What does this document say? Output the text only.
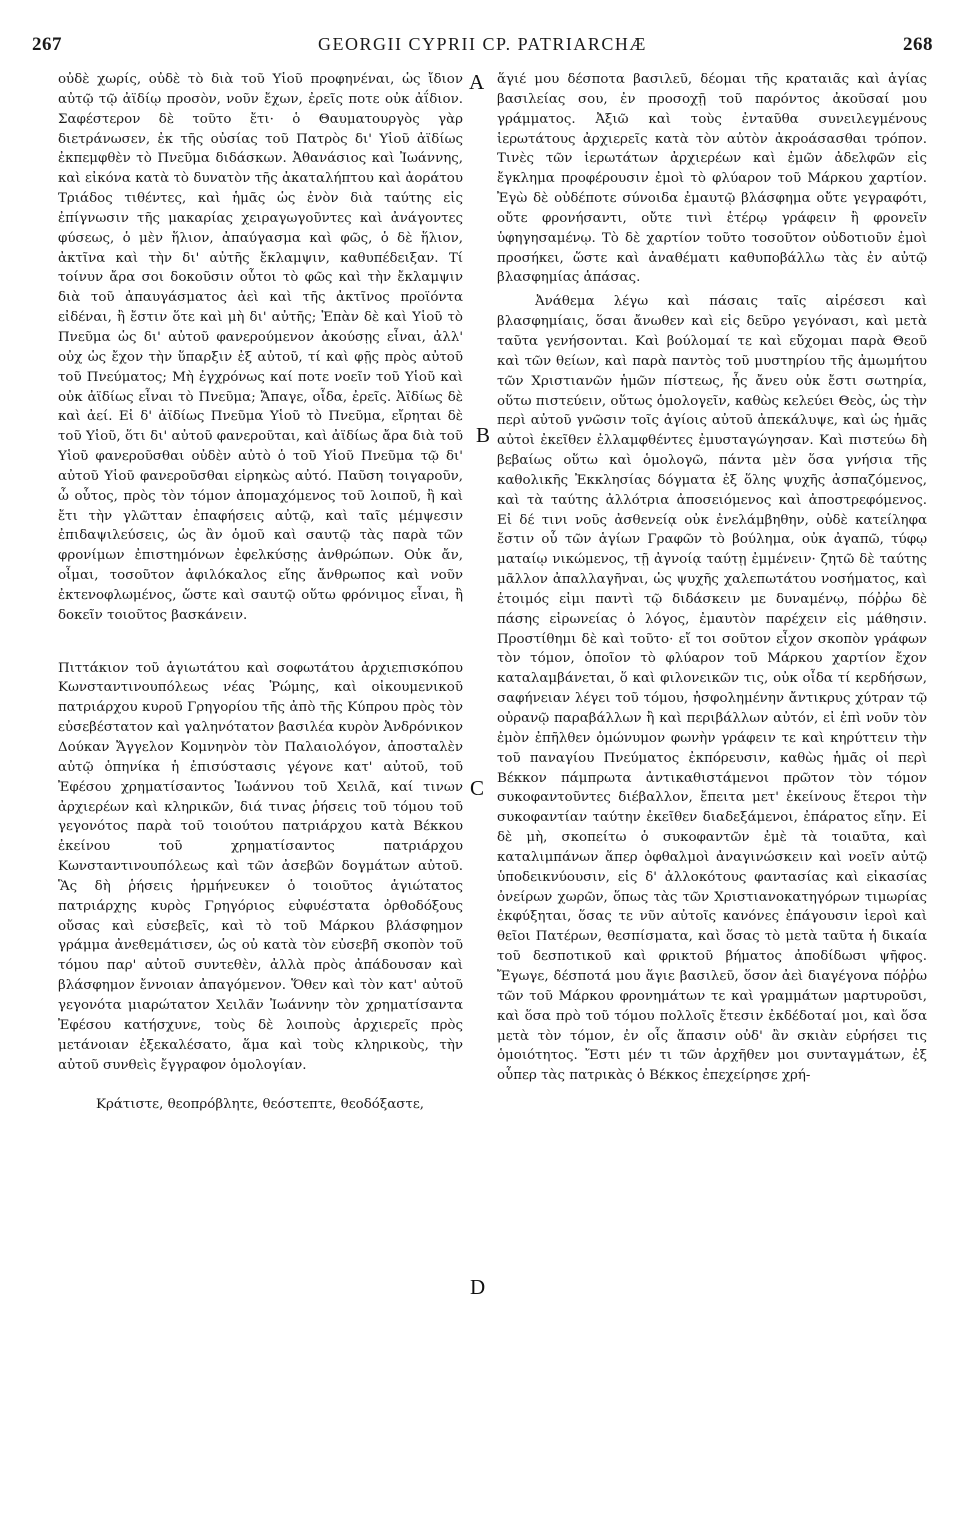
267	GEORGII CYPRII CP. PATRIARCHÆ	268
A
B
C
D

οὐδὲ χωρίς, οὐδὲ τὸ διὰ τοῦ Υἱοῦ προφηνέναι, ὡς ἴδιον αὐτῷ τῷ ἀϊδίῳ προσὸν, νοῦν ἔχων, ἐρεῖς ποτε οὐκ ἀΐδιον. Σαφέστερον δὲ τοῦτο ἔτι· ὁ Θαυματουργὸς γὰρ διετράνωσεν, ἐκ τῆς οὐσίας τοῦ Πατρὸς δι' Υἱοῦ ἀϊδίως ἐκπεμφθὲν τὸ Πνεῦμα διδάσκων. Ἀθανάσιος καὶ Ἰωάννης, καὶ εἰκόνα κατὰ τὸ δυνατὸν τῆς ἀκαταλήπτου καὶ ἀοράτου Τριάδος τιθέντες, καὶ ἡμᾶς ὡς ἐνὸν διὰ ταύτης εἰς ἐπίγνωσιν τῆς μακαρίας χειραγωγοῦντες καὶ ἀνάγοντες φύσεως, ὁ μὲν ἥλιον, ἀπαύγασμα καὶ φῶς, ὁ δὲ ἥλιον, ἀκτῖνα καὶ τὴν δι' αὐτῆς ἔκλαμψιν, καθυπέδειξαν. Τί τοίνυν ἄρα σοι δοκοῦσιν οὗτοι τὸ φῶς καὶ τὴν ἔκλαμψιν διὰ τοῦ ἀπαυγάσματος ἀεὶ καὶ τῆς ἀκτῖνος προϊόντα εἰδέναι, ἢ ἔστιν ὅτε καὶ μὴ δι' αὐτῆς; Ἐπὰν δὲ καὶ Υἱοῦ τὸ Πνεῦμα ὡς δι' αὐτοῦ φανερούμενον ἀκούσῃς εἶναι, ἀλλ' οὐχ ὡς ἔχον τὴν ὕπαρξιν ἐξ αὐτοῦ, τί καὶ φῇς πρὸς αὐτοῦ τοῦ Πνεύματος; Μὴ ἐγχρόνως καί ποτε νοεῖν τοῦ Υἱοῦ καὶ οὐκ ἀϊδίως εἶναι τὸ Πνεῦμα; Ἄπαγε, οἶδα, ἐρεῖς. Ἀϊδίως δὲ καὶ ἀεί. Εἰ δ' ἀϊδίως Πνεῦμα Υἱοῦ τὸ Πνεῦμα, εἴρηται δὲ τοῦ Υἱοῦ, ὅτι δι' αὐτοῦ φανεροῦται, καὶ ἀϊδίως ἄρα διὰ τοῦ Υἱοῦ φανεροῦσθαι οὐδὲν αὐτὸ ὁ τοῦ Υἱοῦ Πνεῦμα τῷ δι' αὐτοῦ Υἱοῦ φανεροῦσθαι εἰρηκὼς αὐτό. Παῦση τοιγαροῦν, ὦ οὗτος, πρὸς τὸν τόμον ἀπομαχόμενος τοῦ λοιποῦ, ἢ καὶ ἔτι τὴν γλῶτταν ἐπαφήσεις αὐτῷ, καὶ ταῖς μέμψεσιν ἐπιδαψιλεύσεις, ὡς ἂν ὁμοῦ καὶ σαυτῷ τὰς παρὰ τῶν φρονίμων ἐπιστημόνων ἐφελκύσῃς ἀνθρώπων. Οὐκ ἄν, οἶμαι, τοσοῦτον ἀφιλόκαλος εἴης ἄνθρωπος καὶ νοῦν ἐκτενοφλωμένος, ὥστε καὶ σαυτῷ οὕτω φρόνιμος εἶναι, ἢ δοκεῖν τοιοῦτος βασκάνειν.

Πιττάκιον τοῦ ἁγιωτάτου καὶ σοφωτάτου ἀρχιεπισκόπου Κωνσταντινουπόλεως νέας Ῥώμης, καὶ οἰκουμενικοῦ πατριάρχου κυροῦ Γρηγορίου τῆς ἀπὸ τῆς Κύπρου πρὸς τὸν εὐσεβέστατον καὶ γαληνότατον βασιλέα κυρὸν Ἀνδρόνικον Δούκαν Ἄγγελον Κομνηνὸν τὸν Παλαιολόγον, ἀποσταλὲν αὐτῷ ὁπηνίκα ἡ ἐπισύστασις γέγονε κατ' αὐτοῦ, τοῦ Ἐφέσου χρηματίσαντος Ἰωάννου τοῦ Χειλᾶ, καί τινων ἀρχιερέων καὶ κληρικῶν, διά τινας ῥήσεις τοῦ τόμου τοῦ γεγονότος παρὰ τοῦ τοιούτου πατριάρχου κατὰ Βέκκου ἐκείνου τοῦ χρηματίσαντος πατριάρχου Κωνσταντινουπόλεως καὶ τῶν ἀσεβῶν δογμάτων αὐτοῦ. Ἃς δὴ ῥήσεις ἡρμήνευκεν ὁ τοιοῦτος ἁγιώτατος πατριάρχης κυρὸς Γρηγόριος εὐφυέστατα ὀρθοδόξους οὔσας καὶ εὐσεβεῖς, καὶ τὸ τοῦ Μάρκου βλάσφημον γράμμα ἀνεθεμάτισεν, ὡς οὐ κατὰ τὸν εὐσεβῆ σκοπὸν τοῦ τόμου παρ' αὐτοῦ συντεθὲν, ἀλλὰ πρὸς ἀπάδουσαν καὶ βλάσφημον ἔννοιαν ἀπαγόμενον. Ὅθεν καὶ τὸν κατ' αὐτοῦ γεγονότα μιαρώτατον Χειλᾶν Ἰωάννην τὸν χρηματίσαντα Ἐφέσου κατήσχυνε, τοὺς δὲ λοιποὺς ἀρχιερεῖς πρὸς μετάνοιαν ἐξεκαλέσατο, ἅμα καὶ τοὺς κληρικοὺς, τὴν αὐτοῦ συνθεὶς ἔγγραφον ὁμολογίαν.

Κράτιστε, θεοπρόβλητε, θεόστεπτε, θεοδόξαστε,

ἅγιέ μου δέσποτα βασιλεῦ, δέομαι τῆς κραταιᾶς καὶ ἁγίας βασιλείας σου, ἐν προσοχῇ τοῦ παρόντος ἀκοῦσαί μου γράμματος. Ἀξιῶ καὶ τοὺς ἐνταῦθα συνειλεγμένους ἱερωτάτους ἀρχιερεῖς κατὰ τὸν αὐτὸν ἀκροάσασθαι τρόπον. Τινὲς τῶν ἱερωτάτων ἀρχιερέων καὶ ἐμῶν ἀδελφῶν εἰς ἔγκλημα προφέρουσιν ἐμοὶ τὸ φλύαρον τοῦ Μάρκου χαρτίον. Ἐγὼ δὲ οὐδέποτε σύνοιδα ἐμαυτῷ βλάσφημα οὔτε γεγραφότι, οὔτε φρονήσαντι, οὔτε τινὶ ἑτέρῳ γράφειν ἢ φρονεῖν ὑφηγησαμένῳ. Τὸ δὲ χαρτίον τοῦτο τοσοῦτον οὐδοτιοῦν ἐμοὶ προσήκει, ὥστε καὶ ἀναθέματι καθυποβάλλω τὰς ἐν αὐτῷ βλασφημίας ἁπάσας.

Ἀνάθεμα λέγω καὶ πάσαις ταῖς αἱρέσεσι καὶ βλασφημίαις, ὅσαι ἄνωθεν καὶ εἰς δεῦρο γεγόνασι, καὶ μετὰ ταῦτα γενήσονται. Καὶ βούλομαί τε καὶ εὔχομαι παρὰ Θεοῦ καὶ τῶν θείων, καὶ παρὰ παντὸς τοῦ μυστηρίου τῆς ἀμωμήτου τῶν Χριστιανῶν ἡμῶν πίστεως, ἧς ἄνευ οὐκ ἔστι σωτηρία, οὕτω πιστεύειν, οὕτως ὁμολογεῖν, καθὼς κελεύει Θεὸς, ὡς τὴν περὶ αὐτοῦ γνῶσιν τοῖς ἁγίοις αὐτοῦ ἀπεκάλυψε, καὶ ὡς ἡμᾶς αὐτοὶ ἐκεῖθεν ἐλλαμφθέντες ἐμυσταγώγησαν. Καὶ πιστεύω δὴ βεβαίως οὕτω καὶ ὁμολογῶ, πάντα μὲν ὅσα γνήσια τῆς καθολικῆς Ἐκκλησίας δόγματα ἐξ ὅλης ψυχῆς ἀσπαζόμενος, καὶ τὰ ταύτης ἀλλότρια ἀποσειόμενος καὶ ἀποστρεφόμενος. Εἰ δέ τινι νοῦς ἀσθενείᾳ οὐκ ἐνελάμβηθην, οὐδὲ κατείληφα ἔστιν οὗ τῶν ἁγίων Γραφῶν τὸ βούλημα, οὐκ ἀγαπῶ, τύφῳ ματαίῳ νικώμενος, τῇ ἀγνοίᾳ ταύτῃ ἐμμένειν· ζητῶ δὲ ταύτης μᾶλλον ἀπαλλαγῆναι, ὡς ψυχῆς χαλεπωτάτου νοσήματος, καὶ ἑτοιμός εἰμι παντὶ τῷ διδάσκειν με δυναμένῳ, πόῤῥω δὲ πάσης εἰρωνείας ὁ λόγος, ἐμαυτὸν παρέχειν εἰς μάθησιν. Προστίθημι δὲ καὶ τοῦτο· εἴ τοι σοῦτον εἶχον σκοπὸν γράφων τὸν τόμον, ὁποῖον τὸ φλύαρον τοῦ Μάρκου χαρτίον ἔχον καταλαμβάνεται, ὅ καὶ φιλονεικῶν τις, οὐκ οἶδα τί κερδήσων, σαφήνειαν λέγει τοῦ τόμου, ἠσφολημένην ἄντικρυς χύτραν τῷ οὐρανῷ παραβάλλων ἢ καὶ περιβάλλων αὐτόν, εἰ ἐπὶ νοῦν τὸν ἐμὸν ἐπῆλθεν ὁμώνυμον φωνὴν γράφειν τε καὶ κηρύττειν τὴν τοῦ παναγίου Πνεύματος ἐκπόρευσιν, καθὼς ἡμᾶς οἱ περὶ Βέκκον πάμπρωτα ἀντικαθιστάμενοι πρῶτον τὸν τόμον συκοφαντοῦντες διέβαλλον, ἔπειτα μετ' ἐκείνους ἕτεροι τὴν συκοφαντίαν ταύτην ἐκεῖθεν διαδεξάμενοι, ἐπάρατος εἴην. Εἰ δὲ μὴ, σκοπείτω ὁ συκοφαντῶν ἐμὲ τὰ τοιαῦτα, καὶ καταλιμπάνων ἅπερ ὀφθαλμοὶ ἀναγινώσκειν καὶ νοεῖν αὐτῷ ὑποδεικνύουσιν, εἰς δ' ἀλλοκότους φαντασίας καὶ εἰκασίας ὀνείρων χωρῶν, ὅπως τὰς τῶν Χριστιανοκατηγόρων τιμωρίας ἐκφύξηται, ὅσας τε νῦν αὐτοῖς κανόνες ἐπάγουσιν ἱεροὶ καὶ θεῖοι Πατέρων, θεσπίσματα, καὶ ὅσας τὸ μετὰ ταῦτα ἡ δικαία τοῦ δεσποτικοῦ καὶ φρικτοῦ βήματος ἀποδίδωσι ψῆφος. Ἔγωγε, δέσποτά μου ἅγιε βασιλεῦ, ὅσον ἀεὶ διαγέγονα πόῤῥω τῶν τοῦ Μάρκου φρονημάτων τε καὶ γραμμάτων μαρτυροῦσι, καὶ ὅσα πρὸ τοῦ τόμου πολλοῖς ἔτεσιν ἐκδέδοταί μοι, καὶ ὅσα μετὰ τὸν τόμον, ἐν οἷς ἅπασιν οὐδ' ἂν σκιὰν εὑρήσει τις ὁμοιότητος. Ἔστι μέν τι τῶν ἀρχῆθεν μοι συνταγμάτων, ἐξ οὗπερ τὰς πατρικὰς ὁ Βέκκος ἐπεχείρησε χρή-
